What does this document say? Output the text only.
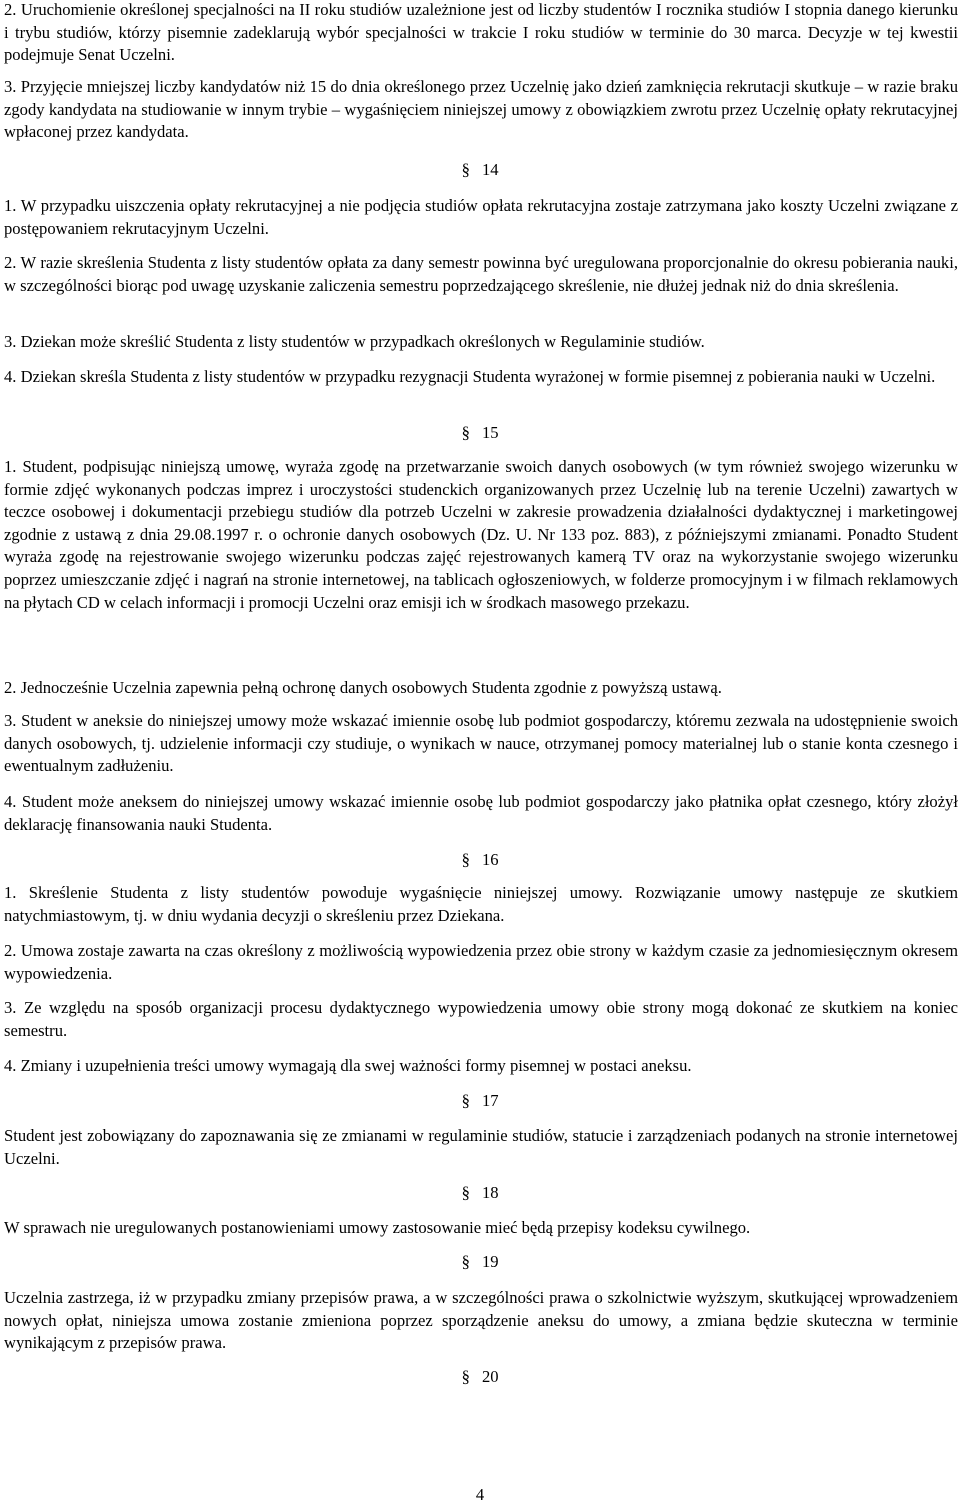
2. Uruchomienie określonej specjalności na II roku studiów uzależnione jest od liczby studentów I rocznika studiów I stopnia danego kierunku i trybu studiów, którzy pisemnie zadeklarują wybór specjalności w trakcie I roku studiów w terminie do 30 marca. Decyzje w tej kwestii podejmuje Senat Uczelni.

3. Przyjęcie mniejszej liczby kandydatów niż 15 do dnia określonego przez Uczelnię jako dzień zamknięcia rekrutacji skutkuje – w razie braku zgody kandydata na studiowanie w innym trybie – wygaśnięciem niniejszej umowy z obowiązkiem zwrotu przez Uczelnię opłaty rekrutacyjnej wpłaconej przez kandydata.

§ 14

1. W przypadku uiszczenia opłaty rekrutacyjnej a nie podjęcia studiów opłata rekrutacyjna zostaje zatrzymana jako koszty Uczelni związane z postępowaniem rekrutacyjnym Uczelni.

2. W razie skreślenia Studenta z listy studentów opłata za dany semestr powinna być uregulowana proporcjonalnie do okresu pobierania nauki, w szczególności biorąc pod uwagę uzyskanie zaliczenia semestru poprzedzającego skreślenie, nie dłużej jednak niż do dnia skreślenia.

3. Dziekan może skreślić Studenta z listy studentów w przypadkach określonych w Regulaminie studiów.

4. Dziekan skreśla Studenta z listy studentów w przypadku rezygnacji Studenta wyrażonej w formie pisemnej z pobierania nauki w Uczelni.

§ 15

1. Student, podpisując niniejszą umowę, wyraża zgodę na przetwarzanie swoich danych osobowych (w tym również swojego wizerunku w formie zdjęć wykonanych podczas imprez i uroczystości studenckich organizowanych przez Uczelnię lub na terenie Uczelni) zawartych w teczce osobowej i dokumentacji przebiegu studiów dla potrzeb Uczelni w zakresie prowadzenia działalności dydaktycznej i marketingowej zgodnie z ustawą z dnia 29.08.1997 r. o ochronie danych osobowych (Dz. U. Nr 133 poz. 883), z późniejszymi zmianami. Ponadto Student wyraża zgodę na rejestrowanie swojego wizerunku podczas zajęć rejestrowanych kamerą TV oraz na wykorzystanie swojego wizerunku poprzez umieszczanie zdjęć i nagrań na stronie internetowej, na tablicach ogłoszeniowych, w folderze promocyjnym i w filmach reklamowych na płytach CD w celach informacji i promocji Uczelni oraz emisji ich w środkach masowego przekazu.

2. Jednocześnie Uczelnia zapewnia pełną ochronę danych osobowych Studenta zgodnie z powyższą ustawą.

3. Student w aneksie do niniejszej umowy może wskazać imiennie osobę lub podmiot gospodarczy, któremu zezwala na udostępnienie swoich danych osobowych, tj. udzielenie informacji czy studiuje, o wynikach w nauce, otrzymanej pomocy materialnej lub o stanie konta czesnego i ewentualnym zadłużeniu.

4. Student może aneksem do niniejszej umowy wskazać imiennie osobę lub podmiot gospodarczy jako płatnika opłat czesnego, który złożył deklarację finansowania nauki Studenta.

§ 16

1. Skreślenie Studenta z listy studentów powoduje wygaśnięcie niniejszej umowy. Rozwiązanie umowy następuje ze skutkiem natychmiastowym, tj. w dniu wydania decyzji o skreśleniu przez Dziekana.

2. Umowa zostaje zawarta na czas określony z możliwością wypowiedzenia przez obie strony w każdym czasie za jednomiesięcznym okresem wypowiedzenia.

3. Ze względu na sposób organizacji procesu dydaktycznego wypowiedzenia umowy obie strony mogą dokonać ze skutkiem na koniec semestru.

4. Zmiany i uzupełnienia treści umowy wymagają dla swej ważności formy pisemnej w postaci aneksu.

§ 17

Student jest zobowiązany do zapoznawania się ze zmianami w regulaminie studiów, statucie i zarządzeniach podanych na stronie internetowej Uczelni.

§ 18

W sprawach nie uregulowanych postanowieniami umowy zastosowanie mieć będą przepisy kodeksu cywilnego.

§ 19

Uczelnia zastrzega, iż w przypadku zmiany przepisów prawa, a w szczególności prawa o szkolnictwie wyższym, skutkującej wprowadzeniem nowych opłat, niniejsza umowa zostanie zmieniona poprzez sporządzenie aneksu do umowy, a zmiana będzie skuteczna w terminie wynikającym z przepisów prawa.

§ 20

4
